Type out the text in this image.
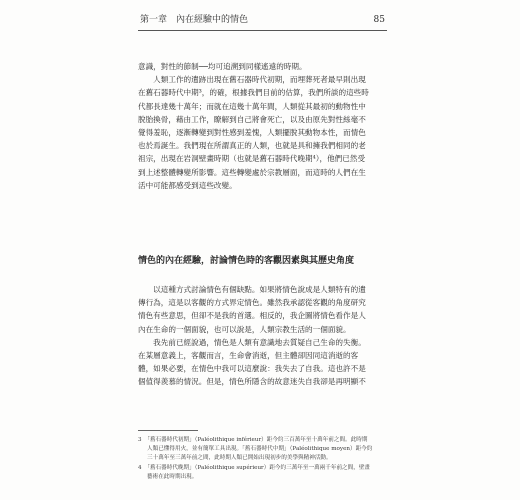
第一章　內在經驗中的情色	85

意識，對性的節制──均可追溯到同樣遙遠的時期。

　　人類工作的遺跡出現在舊石器時代初期，而埋葬死者最早則出現

在舊石器時代中期³，的確，根據我們目前的估算，我們所談的這些時

代都長達幾十萬年；而就在這幾十萬年間，人類從其最初的動物性中

脫胎換骨，藉由工作，瞭解到自己將會死亡，以及由原先對性絲毫不

覺得羞恥，逐漸轉變到對性感到羞愧，人類擺脫其動物本性，而情色

也於焉誕生。我們現在所謂真正的人類，也就是具和擁我們相同的老

祖宗，出現在岩洞壁畫時期（也就是舊石器時代晚期⁴），他們已然受

到上述整體轉變所影響。這些轉變處於宗教層面，而這時的人們在生

活中可能都感受到這些改變。

情色的內在經驗，討論情色時的客觀因素與其歷史角度

　　以這種方式討論情色有個缺點。如果將情色說成是人類特有的遺

傳行為，這是以客觀的方式界定情色。雖然我承認從客觀的角度研究

情色有些意思，但卻不是我的首選。相反的，我企圖將情色看作是人

內在生命的一個面貌，也可以說是，人類宗教生活的一個面貌。

　　我先前已經說過，情色是人類有意識地去質疑自己生命的失衡。

在某層意義上，客觀而言，生命會消逝，但主體卻因同這消逝的客

體，如果必要，在情色中我可以這麼說：我失去了自我。這也許不是

個值得羨慕的情況。但是，情色所隱含的故意迷失自我卻是再明顯不

3　 「舊石器時代初期」（Paléolithique inférieur）距今約三百萬年至十萬年前之間。此時期

人類已懂得用火，並有簡單工具出現。「舊石器時代中期」（Paléolithique moyen）距今約

三十萬年至三萬年前之間，此時期人類已開始出現初步的美學與精神活動。

4　 「舊石器時代晚期」（Paléolithique supérieur）距今約三萬年至一萬兩千年前之間，壁畫

藝術在此時期出現。
